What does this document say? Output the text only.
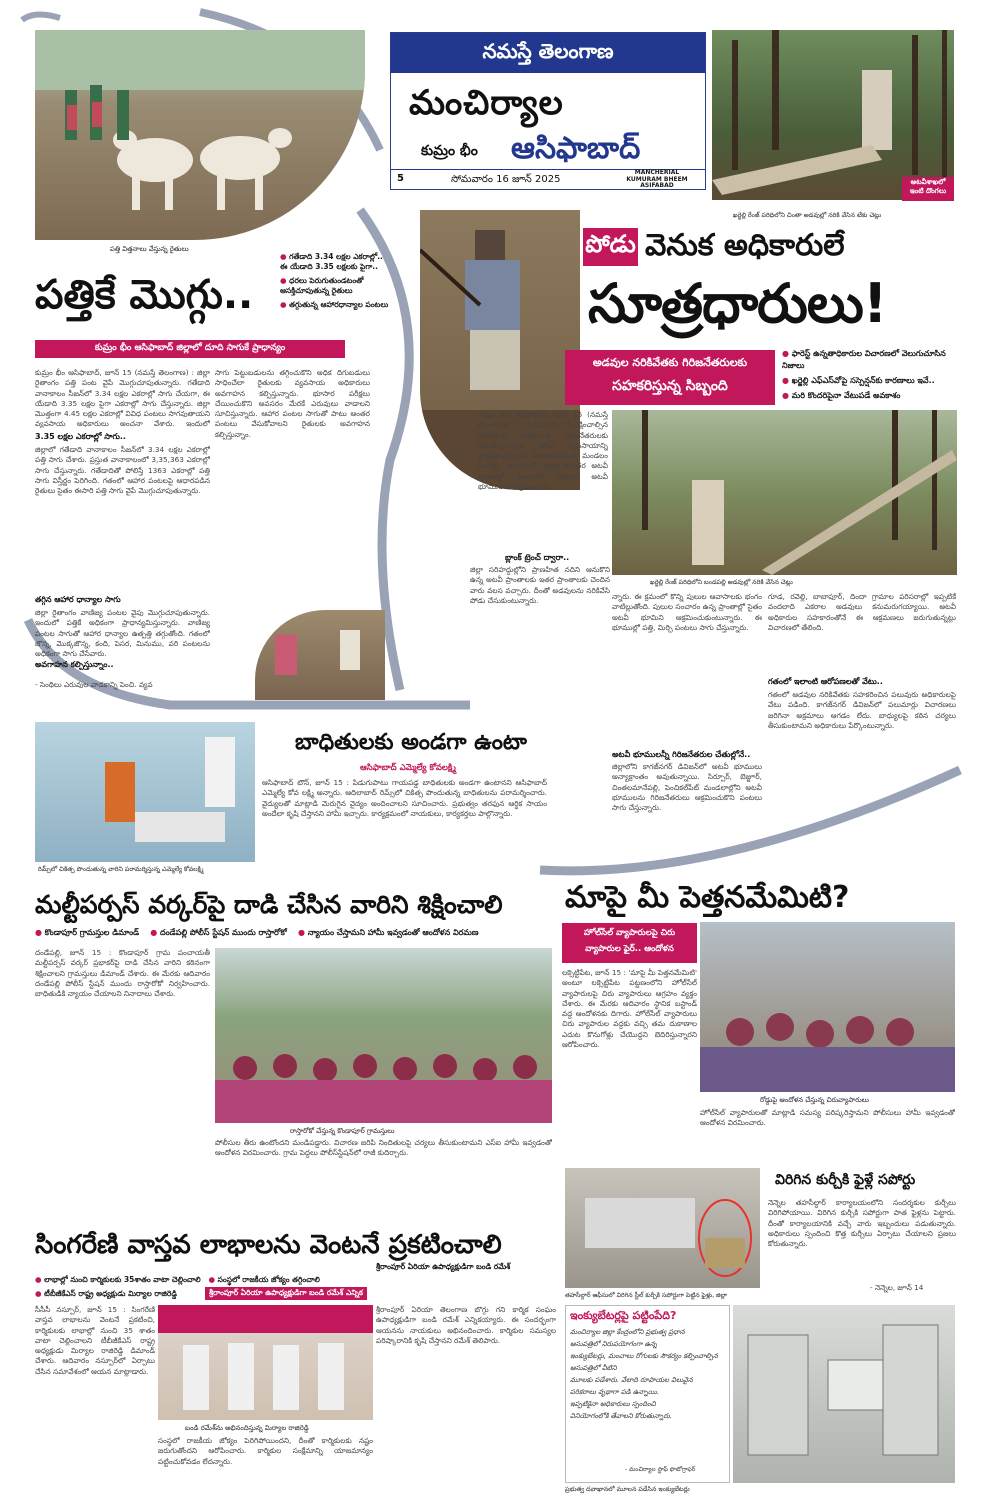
పత్తి విత్తనాలు వేస్తున్న రైతులు
నమస్తే తెలంగాణ
మంచిర్యాల
కుమ్రం భీం ఆసిఫాబాద్
5	సోమవారం 16 జూన్ 2025
MANCHERIAL
KUMURAM BHEEM
ASIFABAD	అటవీశాఖలో
ఇంటి దొంగలు
ఖర్జెల్లి రేంజ్ పరిధిలోని చింతా అడవుల్లో నరికి వేసిన టేకు చెట్లు
పోడు వెనుక అధికారులే
సూత్రధారులు!
అడవుల నరికివేతకు గిరిజనేతరులకు
సహకరిస్తున్న సిబ్బంది
● ఫారెస్ట్ ఉన్నతాధికారుల విచారణలో వెలుగుచూసిన నిజాలు
● ఖర్జెల్లి ఎఫ్‌ఎస్‌వోపై సస్పెన్షన్‌కు కారణాలు ఇవే..
● మరి కొందరిపైనా వేటుపడే అవకాశం
కుమ్రం భీం ఆసిఫాబాద్, జూన్ 15 (నమస్తే తెలంగాణ) : అడవులను సంరక్షించాల్సిన అటవీశాఖ అధికారులే గిరిజనేతరులకు సహకరిస్తున్నారు. 'పోడు' వ్యవసాయాన్ని ప్రోత్సహిస్తున్నారు. చింతలమానేపల్లి మండలం రణవెల్లి, బాబాపూర్, అర్జెల్లి తదితర అటవీ ప్రాంతాల్లో వందలాది ఎకరాల అటవీ భూములను ఆక్రమించారు.
ఖర్జెల్లి రేంజ్ పరిధిలోని బండపల్లి అడవుల్లో నరికి వేసిన చెట్లు
బ్లాంక్ ట్రెంచ్ ద్వారా..
జిల్లా సరిహద్దుల్లోని ప్రాణహిత నదిని ఆనుకొని ఉన్న అటవీ ప్రాంతాలకు ఇతర ప్రాంతాలకు చెందిన వారు వలస వచ్చారు. దీంతో అడవులను నరికివేసి పోడు చేసుకుంటున్నారు.	న్నారు. ఈ క్రమంలో కొన్ని పులుల ఆవాసాలకు భంగం వాటిల్లుతోంది. పులుల సంచారం ఉన్న ప్రాంతాల్లో సైతం అటవీ భూమిని ఆక్రమించుకుంటున్నారు. ఈ భూముల్లో పత్తి, మిర్చి పంటలు సాగు చేస్తున్నారు.
అటవీ భూములన్నీ గిరిజనేతరుల చేతుల్లోనే..
జిల్లాలోని కాగజ్‌నగర్ డివిజన్‌లో అటవీ భూములు అన్యాక్రాంతం అవుతున్నాయి. సిర్పూర్, బెజ్జూర్, చింతలమానేపల్లి, పెంచికల్‌పేట్ మండలాల్లోని అటవీ భూములను గిరిజనేతరులు ఆక్రమించుకొని పంటలు సాగు చేస్తున్నారు.
గూడ, రవెల్లి, బాబాపూర్, దిందా గ్రామాల పరిసరాల్లో ఇప్పటికే వందలాది ఎకరాల అడవులు కనుమరుగయ్యాయి. అటవీ అధికారుల సహకారంతోనే ఈ ఆక్రమణలు జరుగుతున్నట్లు విచారణలో తేలింది.
గతంలో ఇలాంటి ఆరోపణలతో వేటు..
గతంలో అడవుల నరికివేతకు సహకరించిన పలువురు అధికారులపై వేటు పడింది. కాగజ్‌నగర్ డివిజన్‌లో పలుమార్లు విచారణలు జరిగినా అక్రమాలు ఆగడం లేదు. బాధ్యులపై కఠిన చర్యలు తీసుకుంటామని అధికారులు పేర్కొంటున్నారు.
పత్తికే మొగ్గు..
● గతేడాది 3.34 లక్షల ఎకరాల్లో.. ఈ యేడాది 3.35 లక్షలకు పైగా..
● ధరలు పెరుగుతుండటంతో ఆసక్తిచూపుతున్న రైతులు
● తగ్గుతున్న ఆహారధాన్యాల పంటలు
కుమ్రం భీం ఆసిఫాబాద్ జిల్లాలో దూది సాగుకే ప్రాధాన్యం
కుమ్రం భీం ఆసిఫాబాద్, జూన్ 15 (నమస్తే తెలంగాణ) : జిల్లా రైతాంగం పత్తి పంట వైపే మొగ్గుచూపుతున్నారు. గతేడాది వానాకాలం సీజన్‌లో 3.34 లక్షల ఎకరాల్లో సాగు చేయగా, ఈ యేడాది 3.35 లక్షల పైగా ఎకరాల్లో సాగు చేస్తున్నారు. జిల్లా మొత్తంగా 4.45 లక్షల ఎకరాల్లో వివిధ పంటలు సాగవుతాయని వ్యవసాయ అధికారులు అంచనా వేశారు. ఇందులో
3.35 లక్షల ఎకరాల్లో సాగు..
జిల్లాలో గతేడాది వానాకాలం సీజన్‌లో 3.34 లక్షల ఎకరాల్లో పత్తి సాగు చేశారు. ప్రస్తుత వానాకాలంలో 3,35,363 ఎకరాల్లో సాగు చేస్తున్నారు. గతేడాదితో పోలిస్తే 1363 ఎకరాల్లో పత్తి సాగు విస్తీర్ణం పెరిగింది. గతంలో ఆహార పంటలపై ఆధారపడిన రైతులు సైతం ఈసారి పత్తి సాగు వైపే మొగ్గుచూపుతున్నారు.
తగ్గిన ఆహార ధాన్యాల సాగు
జిల్లా రైతాంగం వాణిజ్య పంటల వైపు మొగ్గుచూపుతున్నారు. ఇందులో పత్తికే అధికంగా ప్రాధాన్యమిస్తున్నారు. వాణిజ్య పంటల సాగుతో ఆహార ధాన్యాల ఉత్పత్తి తగ్గుతోంది. గతంలో జొన్న, మొక్కజొన్న, కంది, పెసర, మినుము, వరి పంటలను అధికంగా సాగు చేసేవారు.
అవగాహన కల్పిస్తున్నాం..
- సెంథిలు ఎరువుల వాడకాన్ని పెంచి. వ్యవ
సాగు పెట్టుబడులను తగ్గించుకొని అధిక దిగుబడులు సాధించేలా రైతులకు వ్యవసాయ అధికారులు అవగాహన కల్పిస్తున్నారు. భూసార పరీక్షలు చేయించుకొని అవసరం మేరకే ఎరువులు వాడాలని సూచిస్తున్నారు. ఆహార పంటల సాగుతో పాటు అంతర పంటలు వేసుకోవాలని రైతులకు అవగాహన కల్పిస్తున్నాం.
రిమ్స్‌లో చికిత్స పొందుతున్న వారిని పరామర్శిస్తున్న ఎమ్మెల్యే కోవలక్ష్మి
బాధితులకు అండగా ఉంటా
ఆసిఫాబాద్ ఎమ్మెల్యే కోవలక్ష్మి
ఆసిఫాబాద్ టౌన్, జూన్ 15 : పిడుగుపాటు గాయపడ్డ బాధితులకు అండగా ఉంటానని ఆసిఫాబాద్ ఎమ్మెల్యే కోవ లక్ష్మి అన్నారు. ఆదిలాబాద్ రిమ్స్‌లో చికిత్స పొందుతున్న బాధితులను పరామర్శించారు. వైద్యులతో మాట్లాడి మెరుగైన వైద్యం అందించాలని సూచించారు. ప్రభుత్వం తరఫున ఆర్థిక సాయం అందేలా కృషి చేస్తానని హామీ ఇచ్చారు. కార్యక్రమంలో నాయకులు, కార్యకర్తలు పాల్గొన్నారు.
మాపై మీ పెత్తనమేమిటి?
హోల్‌సేల్ వ్యాపారులపై చిరు
వ్యాపారుల ఫైర్.. ఆందోళన
లక్సెట్టిపేట, జూన్ 15 : 'మాపై మీ పెత్తనమేమిటి' అంటూ లక్సెట్టిపేట పట్టణంలోని హోల్‌సేల్ వ్యాపారులపై చిరు వ్యాపారులు ఆగ్రహం వ్యక్తం చేశారు. ఈ మేరకు ఆదివారం స్థానిక బస్టాండ్ వద్ద ఆందోళనకు దిగారు. హోల్‌సేల్ వ్యాపారులు చిరు వ్యాపారుల వద్దకు వచ్చి తమ దుకాణాల ఎదుట కొనుగోళ్లు చేయొద్దని బెదిరిస్తున్నారని ఆరోపించారు.
రోడ్డుపై ఆందోళన చేస్తున్న చిరువ్యాపారులు
హోల్‌సేల్ వ్యాపారులతో మాట్లాడి సమస్య పరిష్కరిస్తామని పోలీసులు హామీ ఇవ్వడంతో ఆందోళన విరమించారు.
మల్టీపర్పస్ వర్కర్‌పై దాడి చేసిన వారిని శిక్షించాలి
● కొండాపూర్ గ్రామస్తుల డిమాండ్	● దండేపల్లి పోలీస్ స్టేషన్ ముందు రాస్తారోకో	● న్యాయం చేస్తామని హామీ ఇవ్వడంతో ఆందోళన విరమణ
దండేపల్లి, జూన్ 15 : కొండాపూర్ గ్రామ పంచాయతీ మల్టీపర్పస్ వర్కర్ ప్రభాకర్‌పై దాడి చేసిన వారిని కఠినంగా శిక్షించాలని గ్రామస్తులు డిమాండ్ చేశారు. ఈ మేరకు ఆదివారం దండేపల్లి పోలీస్ స్టేషన్ ముందు రాస్తారోకో నిర్వహించారు. బాధితుడికి న్యాయం చేయాలని నినాదాలు చేశారు.
రాస్తారోకో చేస్తున్న కొండాపూర్ గ్రామస్తులు
పోలీసుల తీరు ఉంటోందని మండిపడ్డారు. విచారణ జరిపి నిందితులపై చర్యలు తీసుకుంటామని ఎస్ఐ హామీ ఇవ్వడంతో ఆందోళన విరమించారు. గ్రామ పెద్దలు పోలీస్‌స్టేషన్‌లో రాజీ కుదిర్చారు.
తహసీల్దార్ ఆఫీసులో విరిగిన స్టీల్ కుర్చీకి సపోర్టుగా పెట్టిన ఫైళ్లు, జిల్లా
విరిగిన కుర్చీకి ఫైళ్లే సపోర్టు
నెన్నెల తహసీల్దార్ కార్యాలయంలోని సందర్శకుల కుర్చీలు విరిగిపోయాయి. విరిగిన కుర్చీకి సపోర్టుగా పాత ఫైళ్లను పెట్టారు. దీంతో కార్యాలయానికి వచ్చే వారు ఇబ్బందులు పడుతున్నారు. అధికారులు స్పందించి కొత్త కుర్చీలు ఏర్పాటు చేయాలని ప్రజలు కోరుతున్నారు.
- నెన్నెల, జూన్ 14
సింగరేణి వాస్తవ లాభాలను వెంటనే ప్రకటించాలి
● లాభాల్లో నుంచి కార్మికులకు 35శాతం వాటా చెల్లించాలి ● సంస్థలో రాజకీయ జోక్యం తగ్గించాలి
● టీబీజీకేఎస్ రాష్ట్ర అధ్యక్షుడు మిర్యాల రాజిరెడ్డి	శ్రీరాంపూర్ ఏరియా ఉపాధ్యక్షుడిగా బండి రమేశ్ ఎన్నిక
సీసీసీ నస్పూర్, జూన్ 15 : సింగరేణి వాస్తవ లాభాలను వెంటనే ప్రకటించి, కార్మికులకు లాభాల్లో నుంచి 35 శాతం వాటా చెల్లించాలని టీబీజీకేఎస్ రాష్ట్ర అధ్యక్షుడు మిర్యాల రాజిరెడ్డి డిమాండ్ చేశారు. ఆదివారం నస్పూర్‌లో ఏర్పాటు చేసిన సమావేశంలో ఆయన మాట్లాడారు.
బండి రమేశ్‌ను అభినందిస్తున్న మిర్యాల రాజిరెడ్డి
సంస్థలో రాజకీయ జోక్యం పెరిగిపోయిందని, దీంతో కార్మికులకు నష్టం జరుగుతోందని ఆరోపించారు. కార్మికుల సంక్షేమాన్ని యాజమాన్యం పట్టించుకోవడం లేదన్నారు.
శ్రీరాంపూర్ ఏరియా ఉపాధ్యక్షుడిగా బండి రమేశ్
శ్రీరాంపూర్ ఏరియా తెలంగాణ బొగ్గు గని కార్మిక సంఘం ఉపాధ్యక్షుడిగా బండి రమేశ్ ఎన్నికయ్యారు. ఈ సందర్భంగా ఆయనను నాయకులు అభినందించారు. కార్మికుల సమస్యల పరిష్కారానికి కృషి చేస్తానని రమేశ్ తెలిపారు.
ఇంక్యుబేటర్లపై పట్టింపేది?
మంచిర్యాల జిల్లా కేంద్రంలోని ప్రభుత్వ ప్రధాన
ఆసుపత్రిలో నిరుపయోగంగా ఉన్న
ఇంక్యుబేటర్లు, మంచాలు రోగులకు సౌకర్యం కల్పించాల్సిన ఆసుపత్రిలో వీటిని
మూలకు పడేశారు. వేలాది రూపాయల విలువైన
పరికరాలు వృథాగా పడి ఉన్నాయి.
ఇప్పటికైనా అధికారులు స్పందించి
వినియోగంలోకి తేవాలని కోరుతున్నారు.
- మంచిర్యాల స్టాఫ్ ఫొటోగ్రాఫర్
ప్రభుత్వ దవాఖానలో మూలన పడేసిన ఇంక్యుబేటర్లు
